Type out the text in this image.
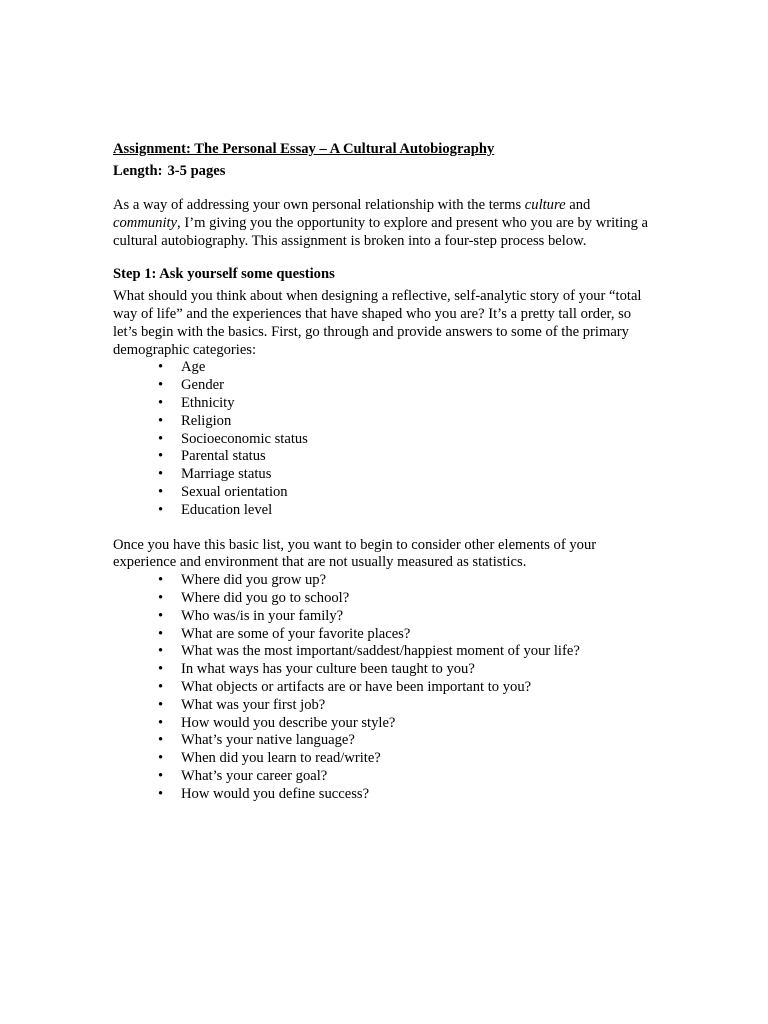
Assignment: The Personal Essay – A Cultural Autobiography

Length: 3-5 pages

As a way of addressing your own personal relationship with the terms culture and
community, I’m giving you the opportunity to explore and present who you are by writing a cultural autobiography. This assignment is broken into a four-step process below.

Step 1: Ask yourself some questions

What should you think about when designing a reflective, self-analytic story of your “total way of life” and the experiences that have shaped who you are? It’s a pretty tall order, so let’s begin with the basics. First, go through and provide answers to some of the primary demographic categories:

• Age
• Gender
• Ethnicity
• Religion
• Socioeconomic status
• Parental status
• Marriage status
• Sexual orientation
• Education level

Once you have this basic list, you want to begin to consider other elements of your experience and environment that are not usually measured as statistics.

• Where did you grow up?
• Where did you go to school?
• Who was/is in your family?
• What are some of your favorite places?
• What was the most important/saddest/happiest moment of your life?
• In what ways has your culture been taught to you?
• What objects or artifacts are or have been important to you?
• What was your first job?
• How would you describe your style?
• What’s your native language?
• When did you learn to read/write?
• What’s your career goal?
• How would you define success?
